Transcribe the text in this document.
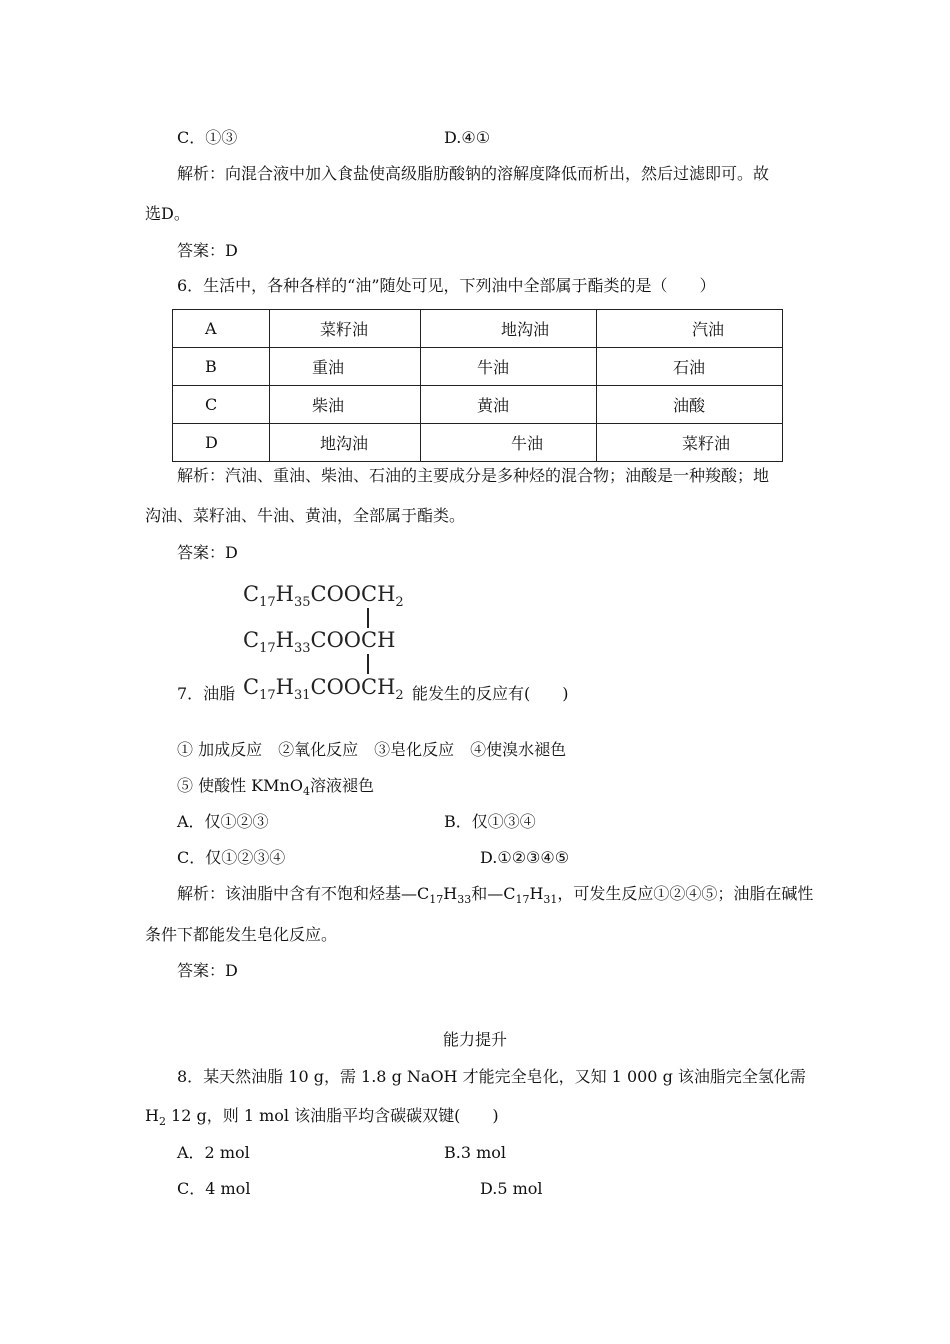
C．①③	D.④①
解析：向混合液中加入食盐使高级脂肪酸钠的溶解度降低而析出，然后过滤即可。故
选D。
答案：D
6．生活中，各种各样的“油”随处可见，下列油中全部属于酯类的是（　　）
A	菜籽油	地沟油	汽油
B	重油	牛油	石油
C	柴油	黄油	油酸
D	地沟油	牛油	菜籽油
解析：汽油、重油、柴油、石油的主要成分是多种烃的混合物；油酸是一种羧酸；地
沟油、菜籽油、牛油、黄油，全部属于酯类。
答案：D
$C_{17}H_{35}COOCH_2$
$C_{17}H_{33}COOCH$
$C_{17}H_{31}COOCH_2$
7．油脂	能发生的反应有(　　)
① 加成反应　②氧化反应　③皂化反应　④使溴水褪色
⑤ 使酸性 KMnO$_4$溶液褪色
A．仅①②③	B．仅①③④
C．仅①②③④	D.①②③④⑤
解析：该油脂中含有不饱和烃基$—C_{17}H_{33}$和$—C_{17}H_{31}$，可发生反应①②④⑤；油脂在碱性
条件下都能发生皂化反应。
答案：D
能力提升
8．某天然油脂 10 g，需 1.8 g NaOH 才能完全皂化，又知 1 000 g 该油脂完全氢化需
$H_2$ 12 g，则 1 mol 该油脂平均含碳碳双键(　　)
A．2 mol	B.3 mol
C．4 mol	D.5 mol
